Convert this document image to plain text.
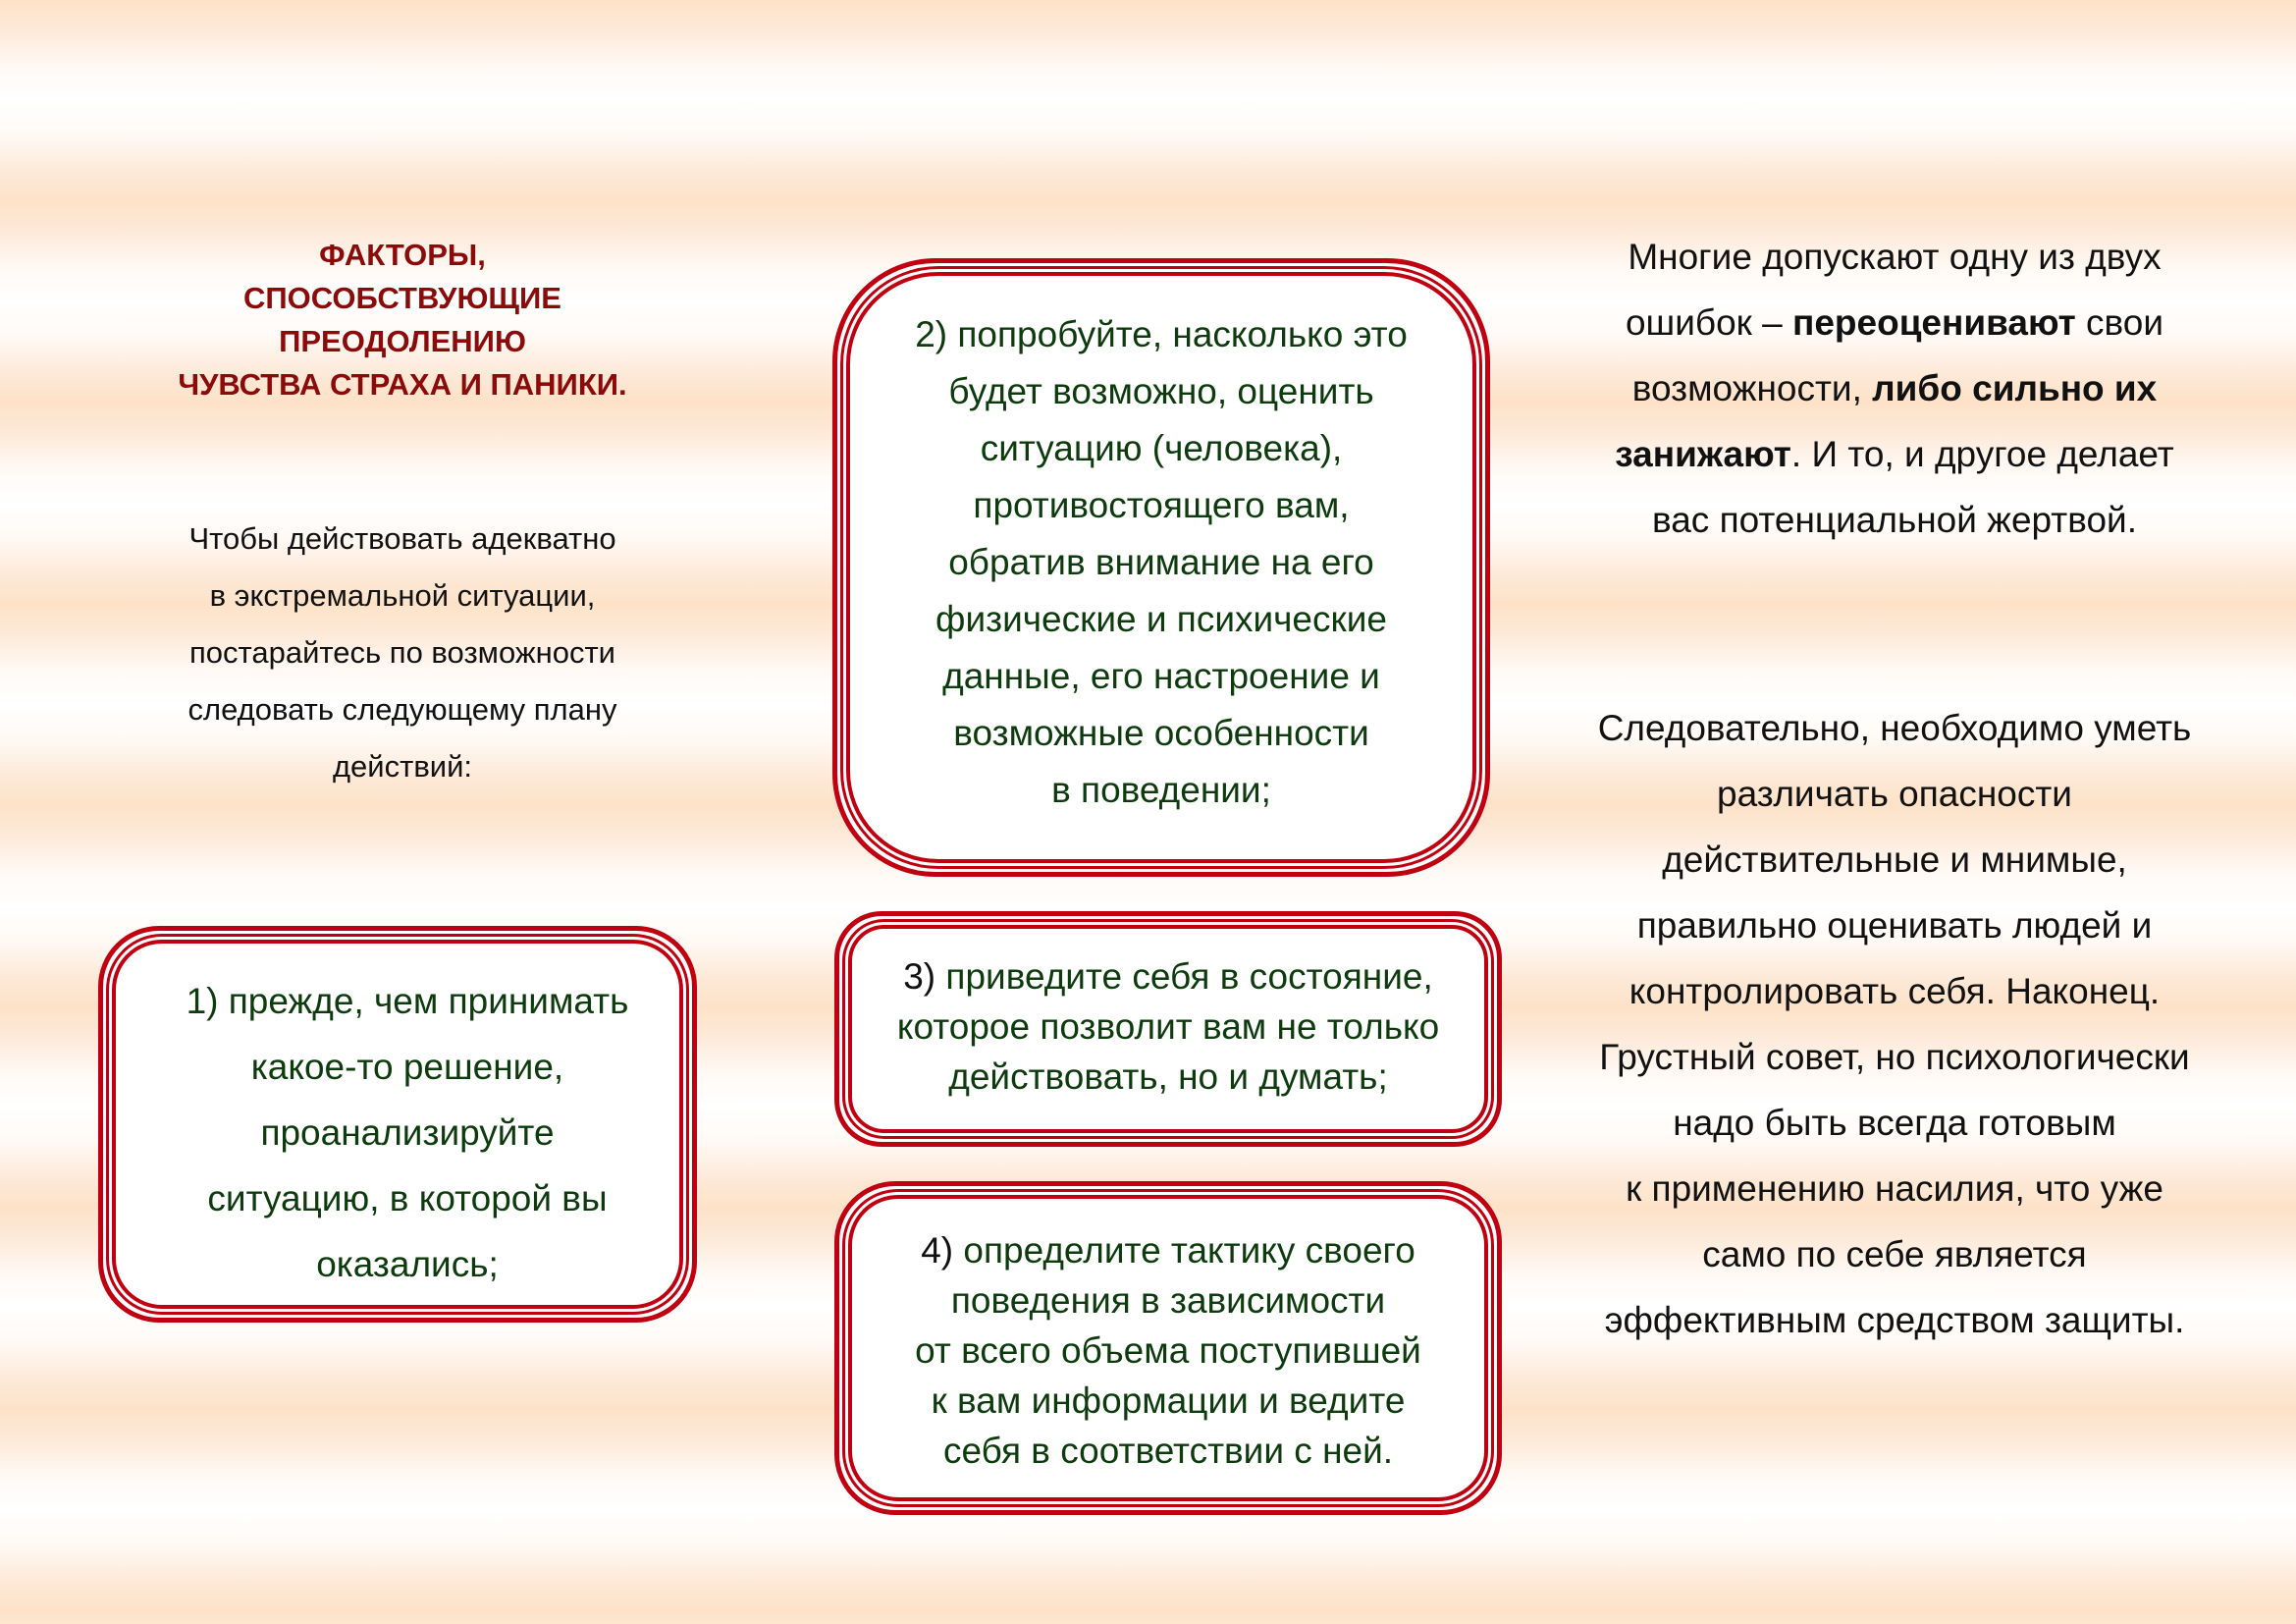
ФАКТОРЫ,
СПОСОБСТВУЮЩИЕ
ПРЕОДОЛЕНИЮ
ЧУВСТВА СТРАХА И ПАНИКИ.
Чтобы действовать адекватно
в экстремальной ситуации,
постарайтесь по возможности
следовать следующему плану
действий:
1) прежде, чем принимать
какое-то решение,
проанализируйте
ситуацию, в которой вы
оказались;
2) попробуйте, насколько это
будет возможно, оценить
ситуацию (человека),
противостоящего вам,
обратив внимание на его
физические и психические
данные, его настроение и
возможные особенности
в поведении;
3) приведите себя в состояние,
которое позволит вам не только
действовать, но и думать;
4) определите тактику своего
поведения в зависимости
от всего объема поступившей
к вам информации и ведите
себя в соответствии с ней.
Многие допускают одну из двух
ошибок – переоценивают свои
возможности, либо сильно их
занижают. И то, и другое делает
вас потенциальной жертвой.
Следовательно, необходимо уметь
различать опасности
действительные и мнимые,
правильно оценивать людей и
контролировать себя. Наконец.
Грустный совет, но психологически
надо быть всегда готовым
к применению насилия, что уже
само по себе является
эффективным средством защиты.
